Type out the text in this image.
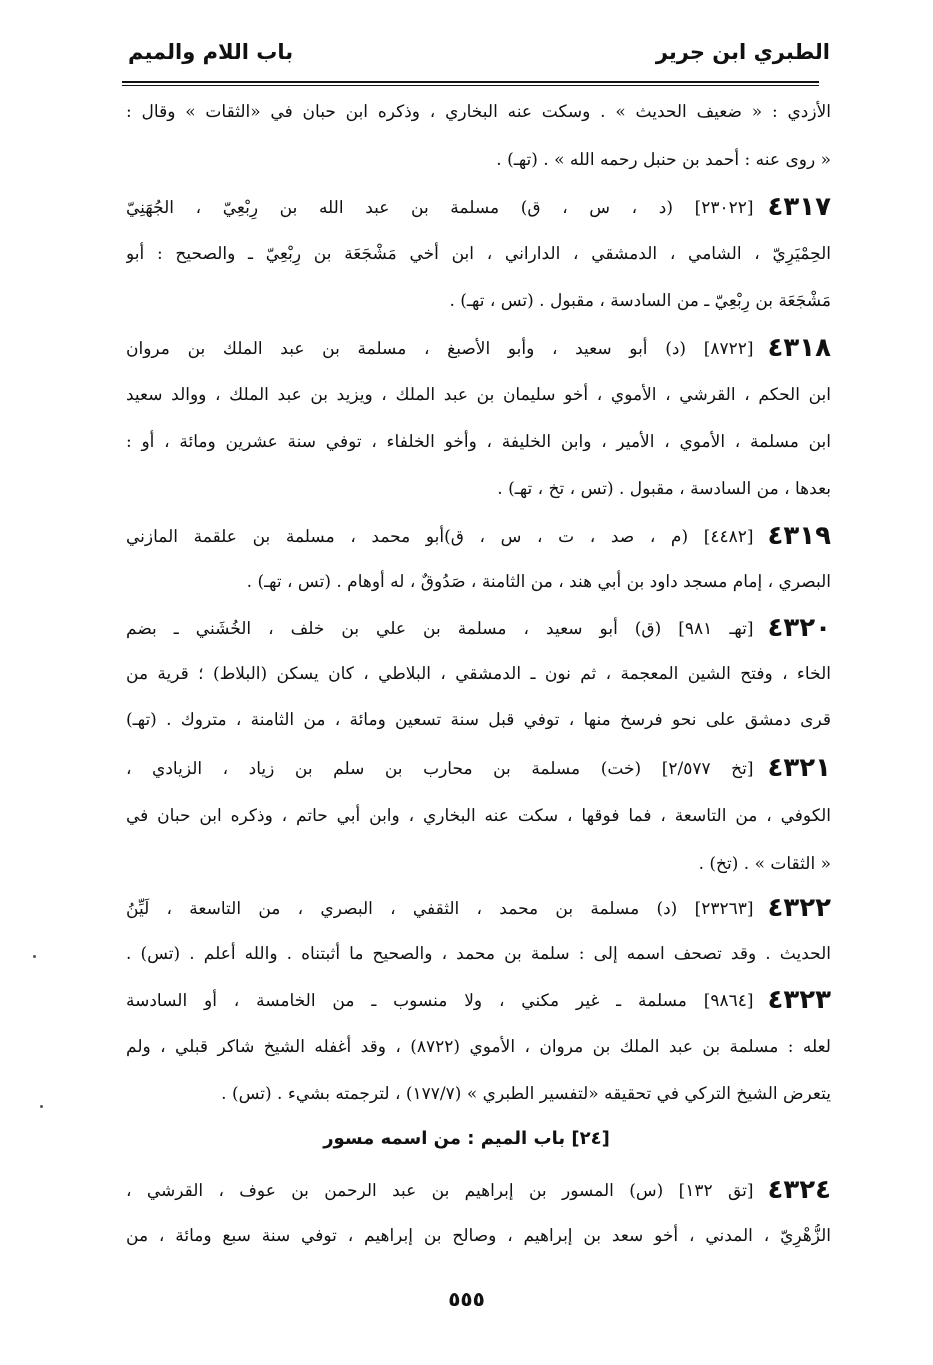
الطبري ابن جرير
باب اللام والميم
الأزدي : « ضعيف الحديث » . وسكت عنه البخاري ، وذكره ابن حبان في «الثقات » وقال :
« روى عنه : أحمد بن حنبل رحمه الله » . (تهـ) .
٤٣١٧[٢٣٠٢٢] (د ، س ، ق) مسلمة بن عبد الله بن رِبْعِيّ ، الجُهَنِيّ
الحِمْيَرِيّ ، الشامي ، الدمشقي ، الداراني ، ابن أخي مَشْجَعَة بن رِبْعِيّ ـ والصحيح : أبو
مَشْجَعَة بن رِبْعِيّ ـ من السادسة ، مقبول . (تس ، تهـ) .
٤٣١٨[٨٧٢٢] (د) أبو سعيد ، وأبو الأصبغ ، مسلمة بن عبد الملك بن مروان
ابن الحكم ، القرشي ، الأموي ، أخو سليمان بن عبد الملك ، ويزيد بن عبد الملك ، ووالد سعيد
ابن مسلمة ، الأموي ، الأمير ، وابن الخليفة ، وأخو الخلفاء ، توفي سنة عشرين ومائة ، أو :
بعدها ، من السادسة ، مقبول . (تس ، تخ ، تهـ) .
٤٣١٩[٤٤٨٢] (م ، صد ، ت ، س ، ق)أبو محمد ، مسلمة بن علقمة المازني
البصري ، إمام مسجد داود بن أبي هند ، من الثامنة ، صَدُوقٌ ، له أوهام . (تس ، تهـ) .
٤٣٢٠[تهـ ٩٨١] (ق) أبو سعيد ، مسلمة بن علي بن خلف ، الخُشَني ـ بضم
الخاء ، وفتح الشين المعجمة ، ثم نون ـ الدمشقي ، البلاطي ، كان يسكن (البلاط) ؛ قرية من
قرى دمشق على نحو فرسخ منها ، توفي قبل سنة تسعين ومائة ، من الثامنة ، متروك . (تهـ)
٤٣٢١[تخ ٢/٥٧٧] (خت) مسلمة بن محارب بن سلم بن زياد ، الزيادي ،
الكوفي ، من التاسعة ، فما فوقها ، سكت عنه البخاري ، وابن أبي حاتم ، وذكره ابن حبان في
« الثقات » . (تخ) .
٤٣٢٢[٢٣٢٦٣] (د) مسلمة بن محمد ، الثقفي ، البصري ، من التاسعة ، لَيِّنُ
الحديث . وقد تصحف اسمه إلى : سلمة بن محمد ، والصحيح ما أثبتناه . والله أعلم . (تس) .
٤٣٢٣[٩٨٦٤] مسلمة ـ غير مكني ، ولا منسوب ـ من الخامسة ، أو السادسة
لعله : مسلمة بن عبد الملك بن مروان ، الأموي (٨٧٢٢) ، وقد أغفله الشيخ شاكر قبلي ، ولم
يتعرض الشيخ التركي في تحقيقه «لتفسير الطبري » (١٧٧/٧) ، لترجمته بشيء . (تس) .
[٢٤] باب الميم : من اسمه مسور
٤٣٢٤[تق ١٣٢] (س) المسور بن إبراهيم بن عبد الرحمن بن عوف ، القرشي ،
الزُّهْرِيّ ، المدني ، أخو سعد بن إبراهيم ، وصالح بن إبراهيم ، توفي سنة سبع ومائة ، من
٥٥٥
